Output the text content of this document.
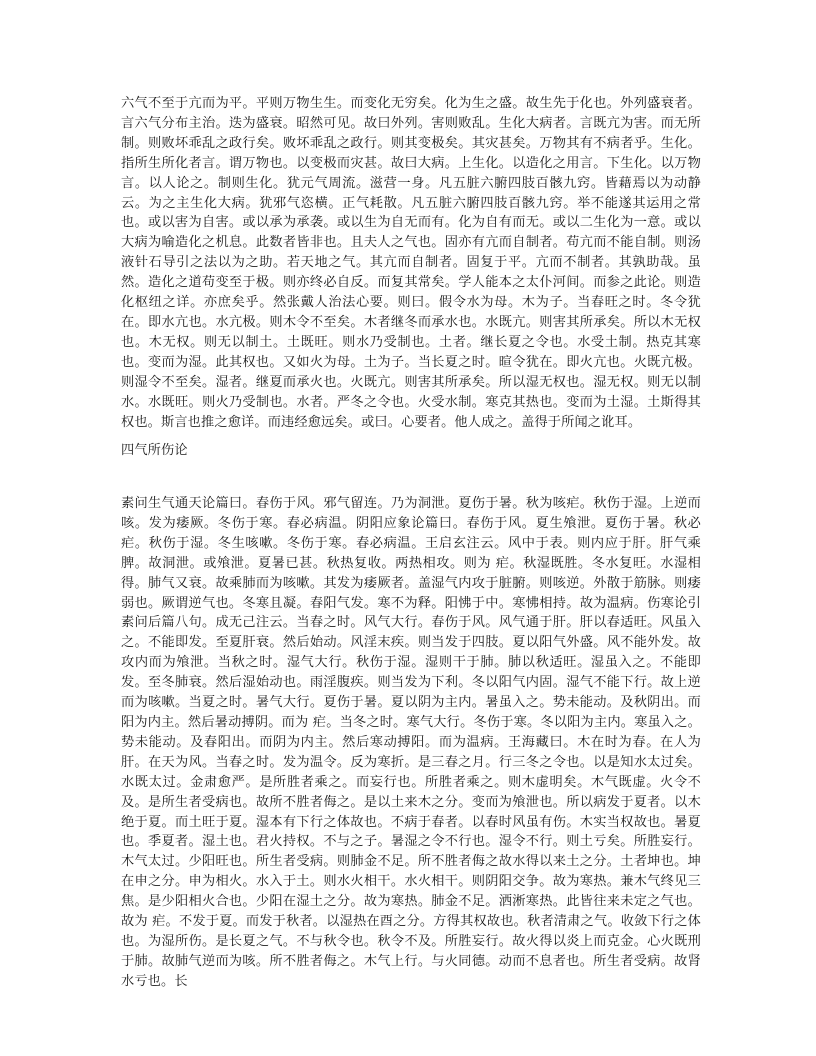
六气不至于亢而为平。平则万物生生。而变化无穷矣。化为生之盛。故生先于化也。外列盛衰者。言六气分布主治。迭为盛衰。昭然可见。故曰外列。害则败乱。生化大病者。言既亢为害。而无所制。则败坏乖乱之政行矣。败坏乖乱之政行。则其变极矣。其灾甚矣。万物其有不病者乎。生化。指所生所化者言。谓万物也。以变极而灾甚。故曰大病。上生化。以造化之用言。下生化。以万物言。以人论之。制则生化。犹元气周流。滋营一身。凡五脏六腑四肢百骸九窍。皆藉焉以为动静云。为之主生化大病。犹邪气恣横。正气耗散。凡五脏六腑四肢百骸九窍。举不能遂其运用之常也。或以害为自害。或以承为承袭。或以生为自无而有。化为自有而无。或以二生化为一意。或以大病为喻造化之机息。此数者皆非也。且夫人之气也。固亦有亢而自制者。苟亢而不能自制。则汤液针石导引之法以为之助。若天地之气。其亢而自制者。固复于平。亢而不制者。其孰助哉。虽然。造化之道苟变至于极。则亦终必自反。而复其常矣。学人能本之太仆河间。而参之此论。则造化枢纽之详。亦庶矣乎。然张戴人治法心要。则曰。假令水为母。木为子。当春旺之时。冬令犹在。即水亢也。水亢极。则木令不至矣。木者继冬而承水也。水既亢。则害其所承矣。所以木无权也。木无权。则无以制土。土既旺。则水乃受制也。土者。继长夏之令也。水受土制。热克其寒也。变而为湿。此其权也。又如火为母。土为子。当长夏之时。暄令犹在。即火亢也。火既亢极。则湿令不至矣。湿者。继夏而承火也。火既亢。则害其所承矣。所以湿无权也。湿无权。则无以制水。水既旺。则火乃受制也。水者。严冬之令也。火受水制。寒克其热也。变而为土湿。土斯得其权也。斯言也推之愈详。而违经愈远矣。或曰。心要者。他人成之。盖得于所闻之讹耳。

四气所伤论

素问生气通天论篇曰。春伤于风。邪气留连。乃为洞泄。夏伤于暑。秋为咳疟。秋伤于湿。上逆而咳。发为痿厥。冬伤于寒。春必病温。阴阳应象论篇曰。春伤于风。夏生飧泄。夏伤于暑。秋必 疟。秋伤于湿。冬生咳嗽。冬伤于寒。春必病温。王启玄注云。风中于表。则内应于肝。肝气乘脾。故洞泄。或飧泄。夏暑已甚。秋热复收。两热相攻。则为 疟。秋湿既胜。冬水复旺。水湿相得。肺气又衰。故乘肺而为咳嗽。其发为痿厥者。盖湿气内攻于脏腑。则咳逆。外散于筋脉。则痿弱也。厥谓逆气也。冬寒且凝。春阳气发。寒不为释。阳怫于中。寒怫相持。故为温病。伤寒论引素问后篇八句。成无己注云。当春之时。风气大行。春伤于风。风气通于肝。肝以春适旺。风虽入之。不能即发。至夏肝衰。然后始动。风淫末疾。则当发于四肢。夏以阳气外盛。风不能外发。故攻内而为飧泄。当秋之时。湿气大行。秋伤于湿。湿则干于肺。肺以秋适旺。湿虽入之。不能即发。至冬肺衰。然后湿始动也。雨淫腹疾。则当发为下利。冬以阳气内固。湿气不能下行。故上逆而为咳嗽。当夏之时。暑气大行。夏伤于暑。夏以阴为主内。暑虽入之。势未能动。及秋阴出。而阳为内主。然后暑动搏阴。而为 疟。当冬之时。寒气大行。冬伤于寒。冬以阳为主内。寒虽入之。势未能动。及春阳出。而阴为内主。然后寒动搏阳。而为温病。王海藏曰。木在时为春。在人为肝。在天为风。当春之时。发为温令。反为寒折。是三春之月。行三冬之令也。以是知水太过矣。水既太过。金肃愈严。是所胜者乘之。而妄行也。所胜者乘之。则木虚明矣。木气既虚。火令不及。是所生者受病也。故所不胜者侮之。是以土来木之分。变而为飧泄也。所以病发于夏者。以木绝于夏。而土旺于夏。湿本有下行之体故也。不病于春者。以春时风虽有伤。木实当权故也。暑夏也。季夏者。湿土也。君火持权。不与之子。暑湿之令不行也。湿令不行。则土亏矣。所胜妄行。木气太过。少阳旺也。所生者受病。则肺金不足。所不胜者侮之故水得以来土之分。土者坤也。坤在申之分。申为相火。水入于土。则水火相干。水火相干。则阴阳交争。故为寒热。兼木气终见三焦。是少阳相火合也。少阳在湿土之分。故为寒热。肺金不足。洒淅寒热。此皆往来未定之气也。故为 疟。不发于夏。而发于秋者。以湿热在酉之分。方得其权故也。秋者清肃之气。收敛下行之体也。为湿所伤。是长夏之气。不与秋令也。秋令不及。所胜妄行。故火得以炎上而克金。心火既刑于肺。故肺气逆而为咳。所不胜者侮之。木气上行。与火同德。动而不息者也。所生者受病。故肾水亏也。长
